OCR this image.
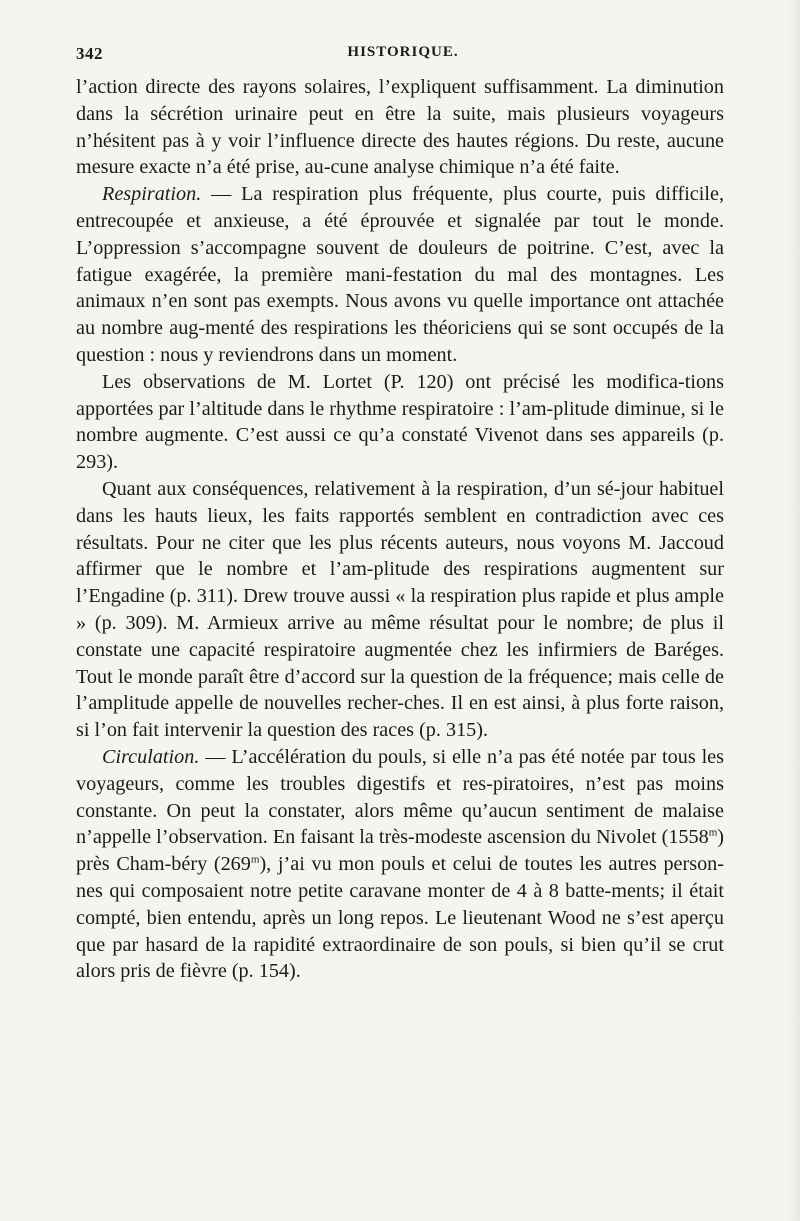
342	HISTORIQUE.

l’action directe des rayons solaires, l’expliquent suffisamment. La diminution dans la sécrétion urinaire peut en être la suite, mais plusieurs voyageurs n’hésitent pas à y voir l’influence directe des hautes régions. Du reste, aucune mesure exacte n’a été prise, au-cune analyse chimique n’a été faite.

Respiration. — La respiration plus fréquente, plus courte, puis difficile, entrecoupée et anxieuse, a été éprouvée et signalée par tout le monde. L’oppression s’accompagne souvent de douleurs de poitrine. C’est, avec la fatigue exagérée, la première mani-festation du mal des montagnes. Les animaux n’en sont pas exempts. Nous avons vu quelle importance ont attachée au nombre aug-menté des respirations les théoriciens qui se sont occupés de la question : nous y reviendrons dans un moment.

Les observations de M. Lortet (P. 120) ont précisé les modifica-tions apportées par l’altitude dans le rhythme respiratoire : l’am-plitude diminue, si le nombre augmente. C’est aussi ce qu’a constaté Vivenot dans ses appareils (p. 293).

Quant aux conséquences, relativement à la respiration, d’un sé-jour habituel dans les hauts lieux, les faits rapportés semblent en contradiction avec ces résultats. Pour ne citer que les plus récents auteurs, nous voyons M. Jaccoud affirmer que le nombre et l’am-plitude des respirations augmentent sur l’Engadine (p. 311). Drew trouve aussi « la respiration plus rapide et plus ample » (p. 309). M. Armieux arrive au même résultat pour le nombre; de plus il constate une capacité respiratoire augmentée chez les infirmiers de Baréges. Tout le monde paraît être d’accord sur la question de la fréquence; mais celle de l’amplitude appelle de nouvelles recher-ches. Il en est ainsi, à plus forte raison, si l’on fait intervenir la question des races (p. 315).

Circulation. — L’accélération du pouls, si elle n’a pas été notée par tous les voyageurs, comme les troubles digestifs et res-piratoires, n’est pas moins constante. On peut la constater, alors même qu’aucun sentiment de malaise n’appelle l’observation. En faisant la très-modeste ascension du Nivolet (1558$^m$) près Cham-béry (269$^m$), j’ai vu mon pouls et celui de toutes les autres person-nes qui composaient notre petite caravane monter de 4 à 8 batte-ments; il était compté, bien entendu, après un long repos. Le lieutenant Wood ne s’est aperçu que par hasard de la rapidité extraordinaire de son pouls, si bien qu’il se crut alors pris de fièvre (p. 154).
